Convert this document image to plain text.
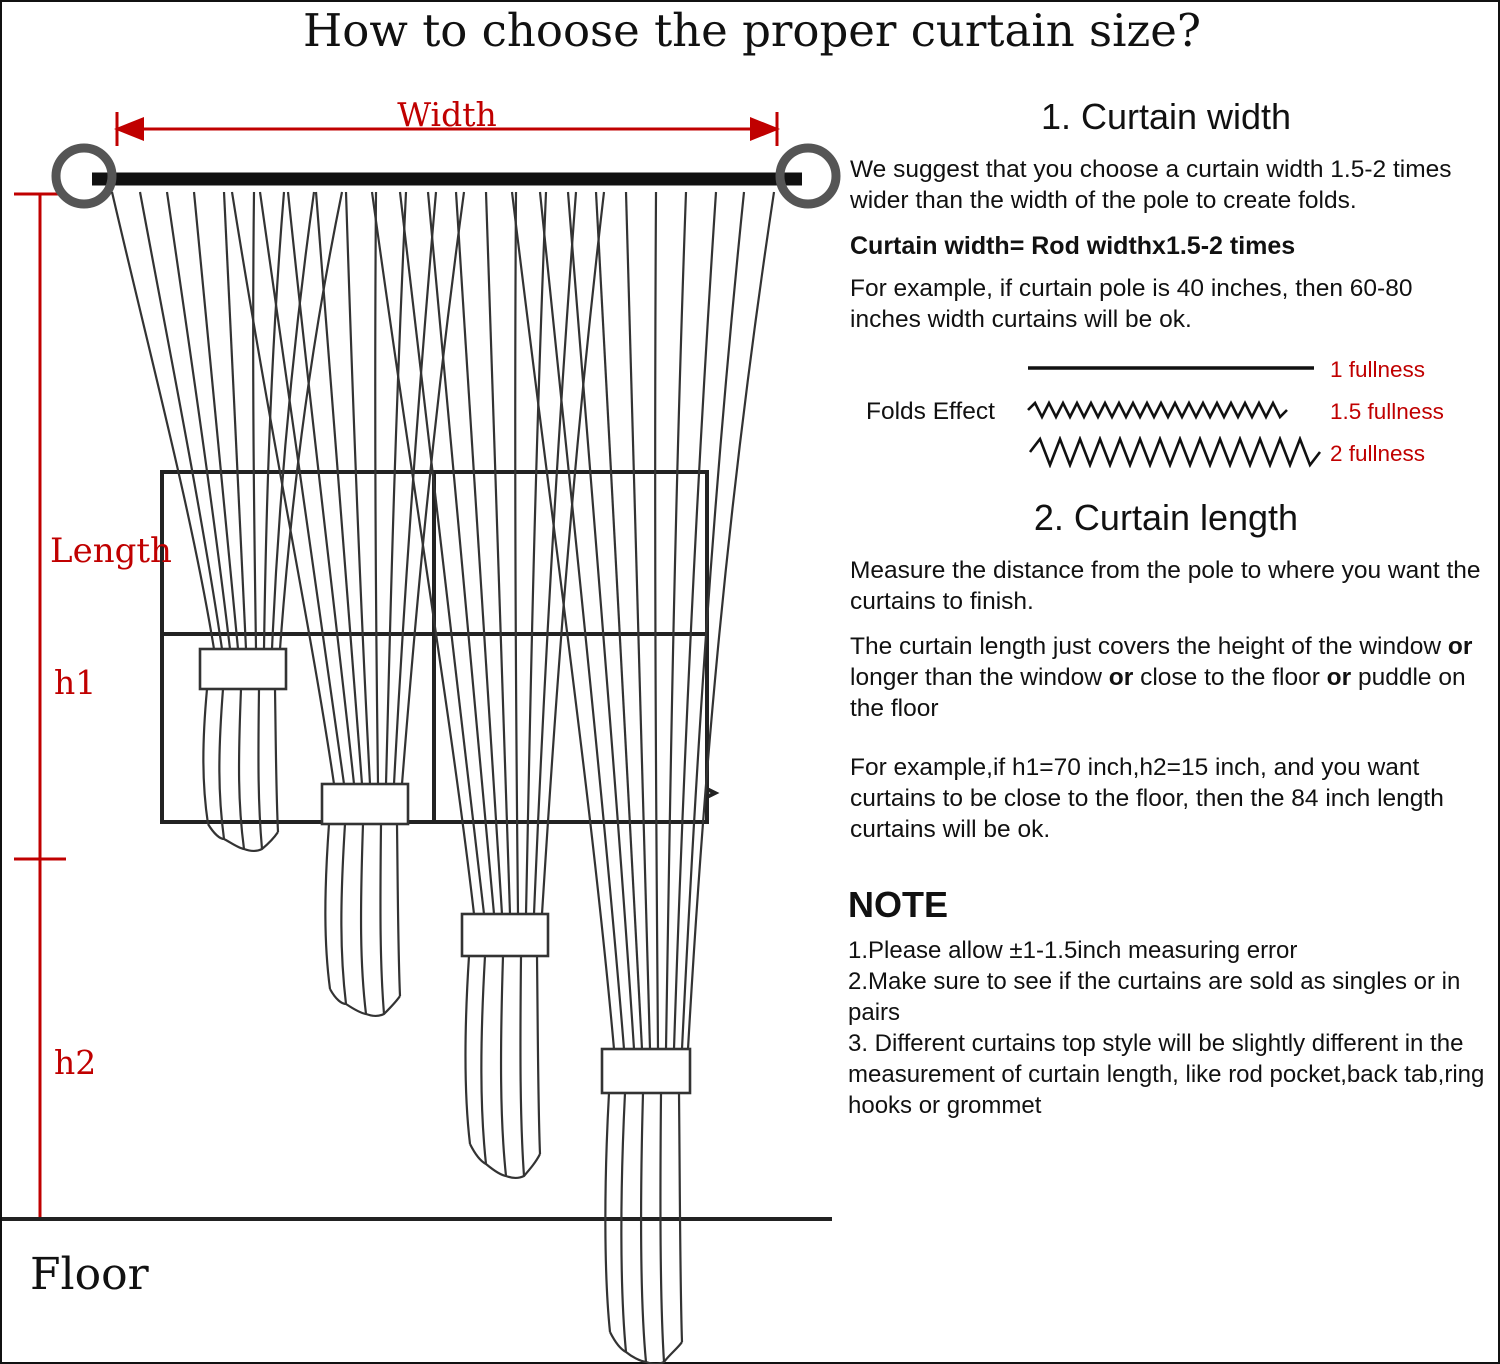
How to choose the proper curtain size?
Width
Length
h1
h2
Floor
1. Curtain width

We suggest that you choose a curtain width 1.5-2 times wider than the width of the pole to create folds.

Curtain width= Rod widthx1.5-2 times

For example, if curtain pole is 40 inches, then 60-80 inches width curtains will be ok.

Folds Effect
1 fullness
1.5 fullness
2 fullness
2. Curtain length

Measure the distance from the pole to where you want the curtains to finish.

The curtain length just covers the height of the window or longer than the window or close to the floor or puddle on the floor

For example,if h1=70 inch,h2=15 inch, and you want curtains to be close to the floor, then the 84 inch length curtains will be ok.

NOTE

1.Please allow ±1-1.5inch measuring error

2.Make sure to see if the curtains are sold as singles or in pairs

3. Different curtains top style will be slightly different in the measurement of curtain length, like rod pocket,back tab,ring hooks or grommet
